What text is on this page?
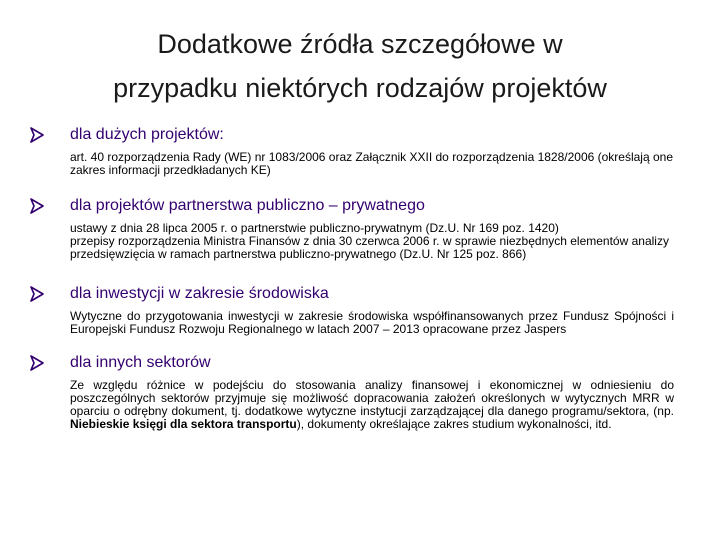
Dodatkowe źródła szczegółowe w
przypadku niektórych rodzajów projektów
dla dużych projektów:
art. 40 rozporządzenia Rady (WE) nr 1083/2006 oraz Załącznik XXII do rozporządzenia 1828/2006 (określają one zakres informacji przedkładanych KE)
dla projektów partnerstwa publiczno – prywatnego
ustawy z dnia 28 lipca 2005 r. o partnerstwie publiczno-prywatnym (Dz.U. Nr 169 poz. 1420)
przepisy rozporządzenia Ministra Finansów z dnia 30 czerwca 2006 r. w sprawie niezbędnych elementów analizy przedsięwzięcia w ramach partnerstwa publiczno-prywatnego (Dz.U. Nr 125 poz. 866)
dla inwestycji w zakresie środowiska
Wytyczne do przygotowania inwestycji w zakresie środowiska współfinansowanych przez Fundusz Spójności i Europejski Fundusz Rozwoju Regionalnego w latach 2007 – 2013 opracowane przez Jaspers
dla innych sektorów
Ze względu różnice w podejściu do stosowania analizy finansowej i ekonomicznej w odniesieniu do poszczególnych sektorów przyjmuje się możliwość dopracowania założeń określonych w wytycznych MRR w oparciu o odrębny dokument, tj. dodatkowe wytyczne instytucji zarządzającej dla danego programu/sektora, (np. Niebieskie księgi dla sektora transportu), dokumenty określające zakres studium wykonalności, itd.
